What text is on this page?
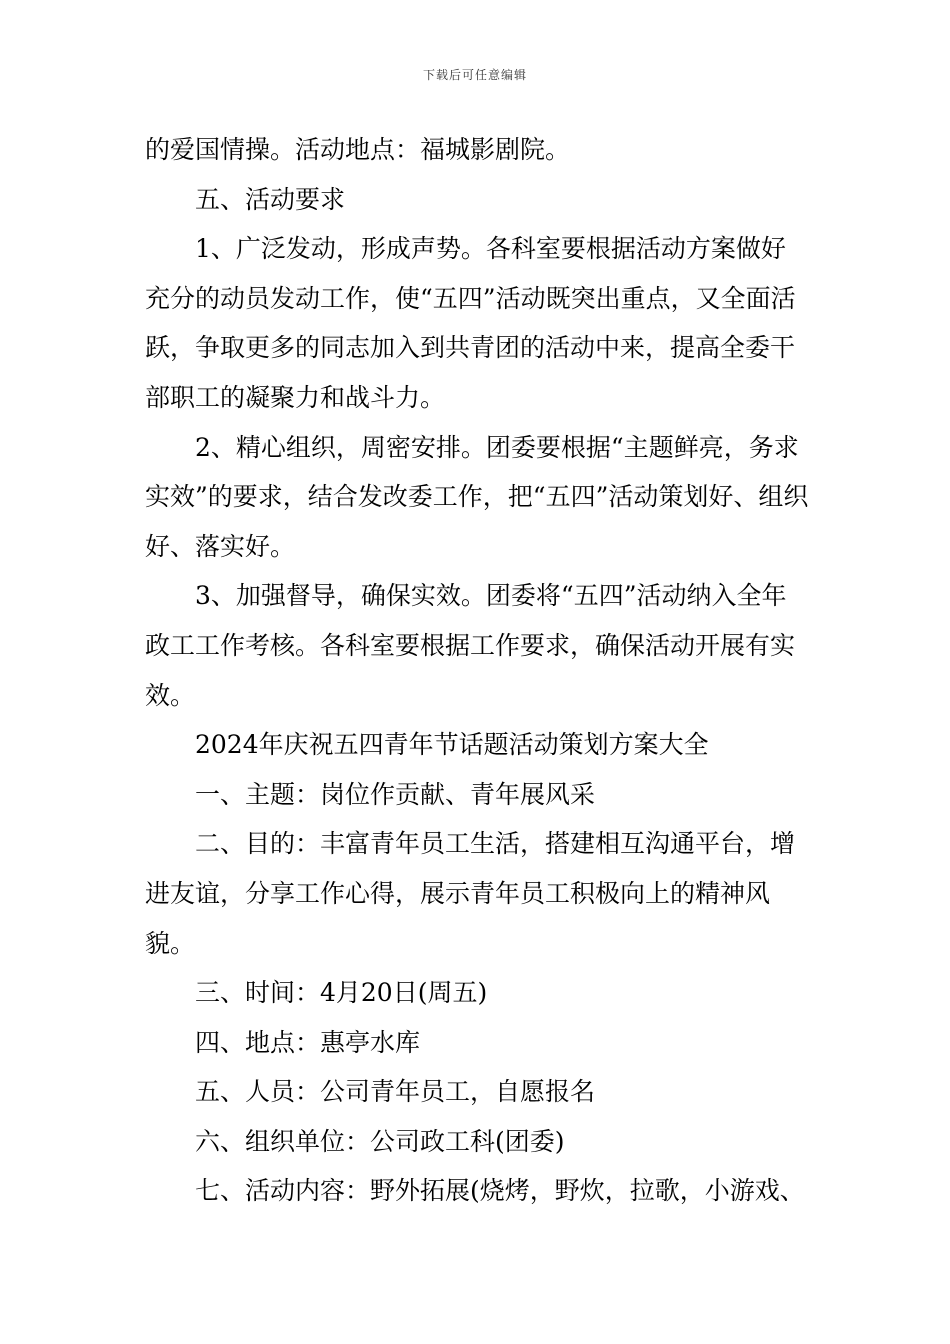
下载后可任意编辑

的爱国情操。活动地点：福城影剧院。

五、活动要求

1、广泛发动，形成声势。各科室要根据活动方案做好充分的动员发动工作，使“五四”活动既突出重点，又全面活跃，争取更多的同志加入到共青团的活动中来，提高全委干部职工的凝聚力和战斗力。

2、精心组织，周密安排。团委要根据“主题鲜亮，务求实效”的要求，结合发改委工作，把“五四”活动策划好、组织好、落实好。

3、加强督导，确保实效。团委将“五四”活动纳入全年政工工作考核。各科室要根据工作要求，确保活动开展有实效。

2024年庆祝五四青年节话题活动策划方案大全

一、主题：岗位作贡献、青年展风采

二、目的：丰富青年员工生活，搭建相互沟通平台，增进友谊，分享工作心得，展示青年员工积极向上的精神风貌。

三、时间：4月20日(周五)

四、地点：惠亭水库

五、人员：公司青年员工，自愿报名

六、组织单位：公司政工科(团委)

七、活动内容：野外拓展(烧烤，野炊，拉歌，小游戏、
